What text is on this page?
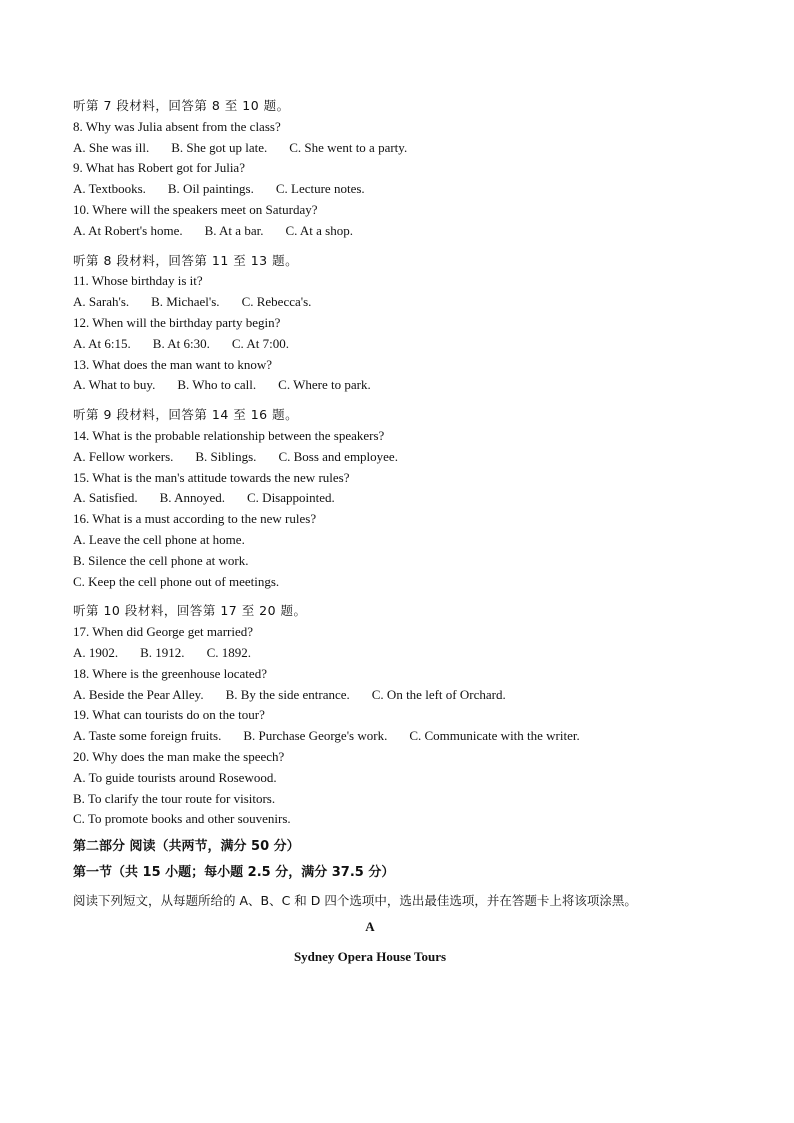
听第 7 段材料，回答第 8 至 10 题。
8. Why was Julia absent from the class?
A. She was ill. B. She got up late. C. She went to a party.
9. What has Robert got for Julia?
A. Textbooks. B. Oil paintings. C. Lecture notes.
10. Where will the speakers meet on Saturday?
A. At Robert's home. B. At a bar. C. At a shop.
听第 8 段材料，回答第 11 至 13 题。
11. Whose birthday is it?
A. Sarah's. B. Michael's. C. Rebecca's.
12. When will the birthday party begin?
A. At 6:15. B. At 6:30. C. At 7:00.
13. What does the man want to know?
A. What to buy. B. Who to call. C. Where to park.
听第 9 段材料，回答第 14 至 16 题。
14. What is the probable relationship between the speakers?
A. Fellow workers. B. Siblings. C. Boss and employee.
15. What is the man's attitude towards the new rules?
A. Satisfied. B. Annoyed. C. Disappointed.
16. What is a must according to the new rules?
A. Leave the cell phone at home.
B. Silence the cell phone at work.
C. Keep the cell phone out of meetings.
听第 10 段材料，回答第 17 至 20 题。
17. When did George get married?
A. 1902. B. 1912. C. 1892.
18. Where is the greenhouse located?
A. Beside the Pear Alley. B. By the side entrance. C. On the left of Orchard.
19. What can tourists do on the tour?
A. Taste some foreign fruits. B. Purchase George's work. C. Communicate with the writer.
20. Why does the man make the speech?
A. To guide tourists around Rosewood.
B. To clarify the tour route for visitors.
C. To promote books and other souvenirs.
第二部分 阅读（共两节，满分 50 分）
第一节（共 15 小题；每小题 2.5 分，满分 37.5 分）
阅读下列短文，从每题所给的 A、B、C 和 D 四个选项中，选出最佳选项，并在答题卡上将该项涂黑。
A
Sydney Opera House Tours
